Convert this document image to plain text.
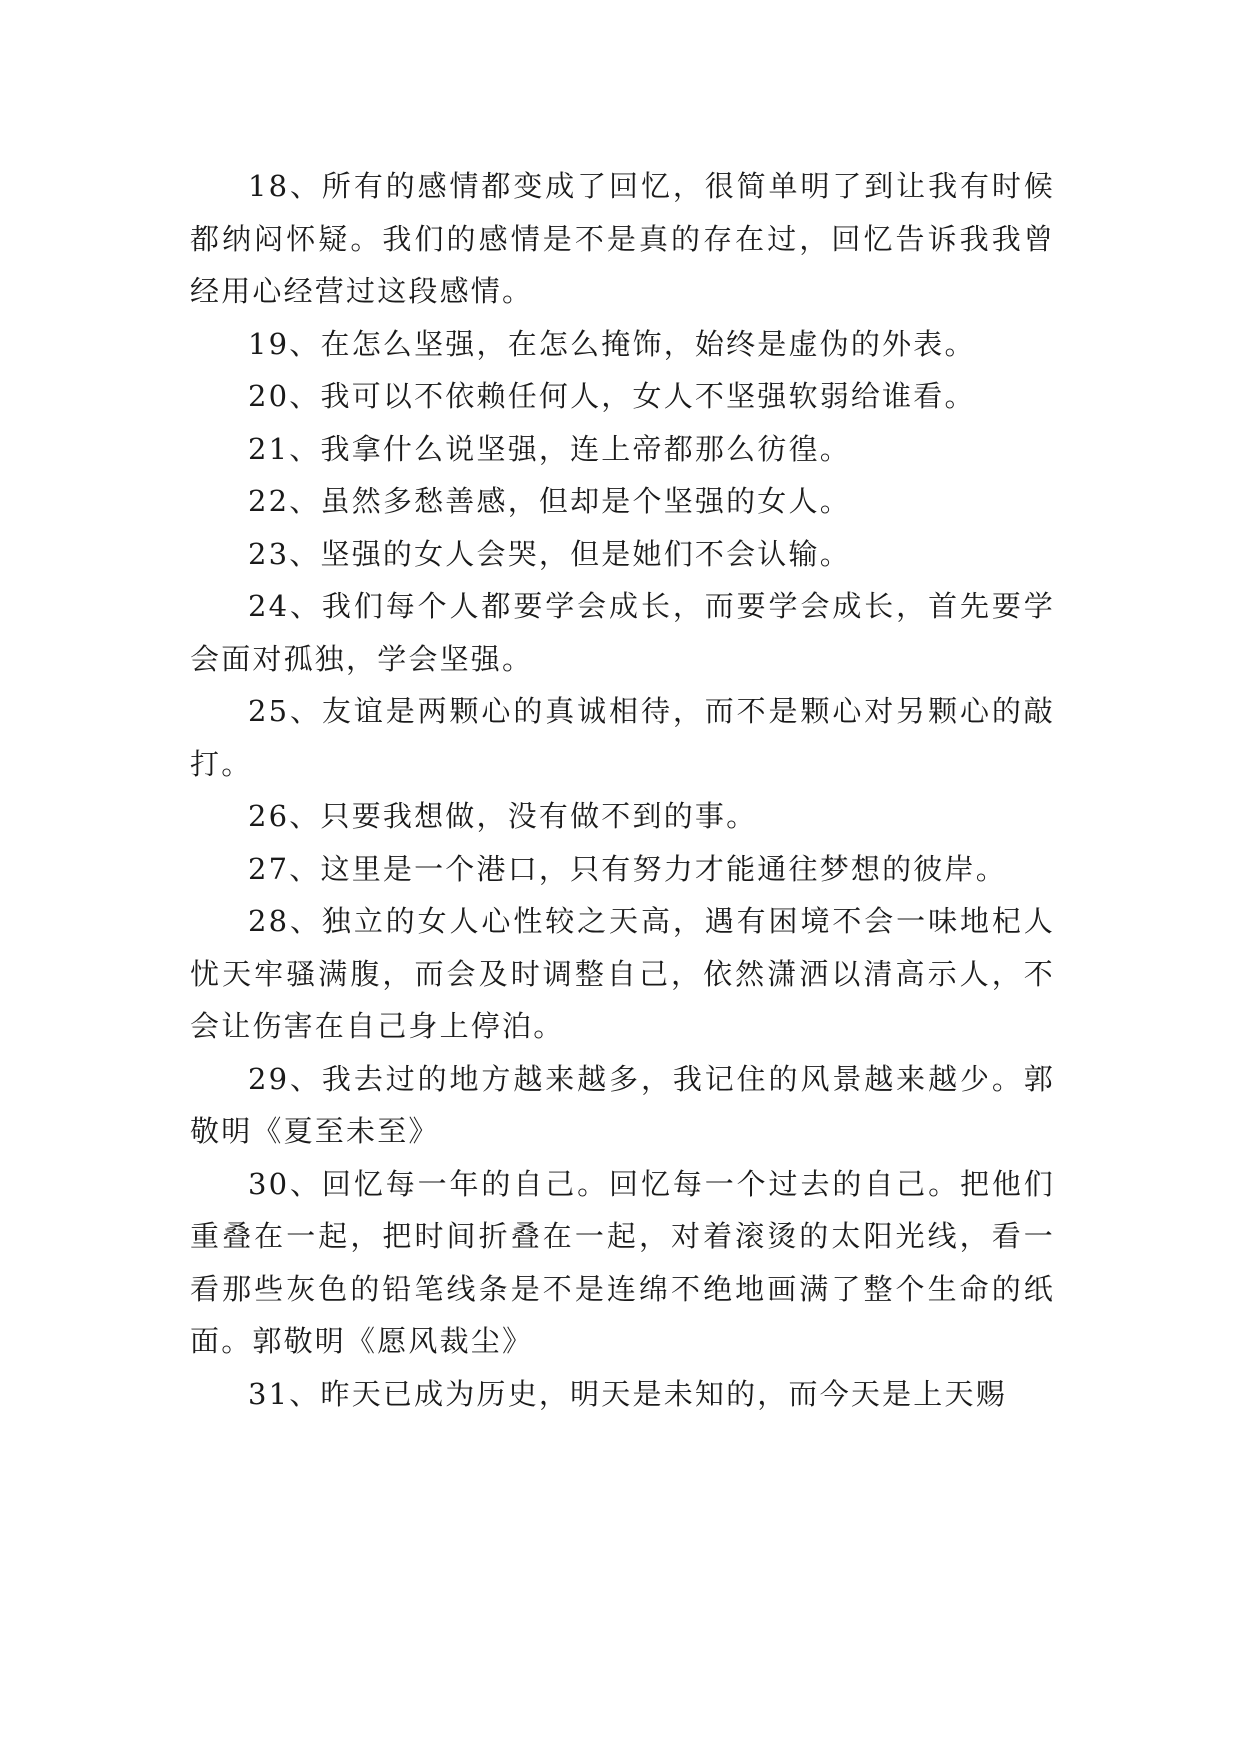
18、所有的感情都变成了回忆，很简单明了到让我有时候都纳闷怀疑。我们的感情是不是真的存在过，回忆告诉我我曾经用心经营过这段感情。

19、在怎么坚强，在怎么掩饰，始终是虚伪的外表。

20、我可以不依赖任何人，女人不坚强软弱给谁看。

21、我拿什么说坚强，连上帝都那么彷徨。

22、虽然多愁善感，但却是个坚强的女人。

23、坚强的女人会哭，但是她们不会认输。

24、我们每个人都要学会成长，而要学会成长，首先要学会面对孤独，学会坚强。

25、友谊是两颗心的真诚相待，而不是颗心对另颗心的敲打。

26、只要我想做，没有做不到的事。

27、这里是一个港口，只有努力才能通往梦想的彼岸。

28、独立的女人心性较之天高，遇有困境不会一味地杞人忧天牢骚满腹，而会及时调整自己，依然潇洒以清高示人，不会让伤害在自己身上停泊。

29、我去过的地方越来越多，我记住的风景越来越少。郭敬明《夏至未至》

30、回忆每一年的自己。回忆每一个过去的自己。把他们重叠在一起，把时间折叠在一起，对着滚烫的太阳光线，看一看那些灰色的铅笔线条是不是连绵不绝地画满了整个生命的纸面。郭敬明《愿风裁尘》

31、昨天已成为历史，明天是未知的，而今天是上天赐
